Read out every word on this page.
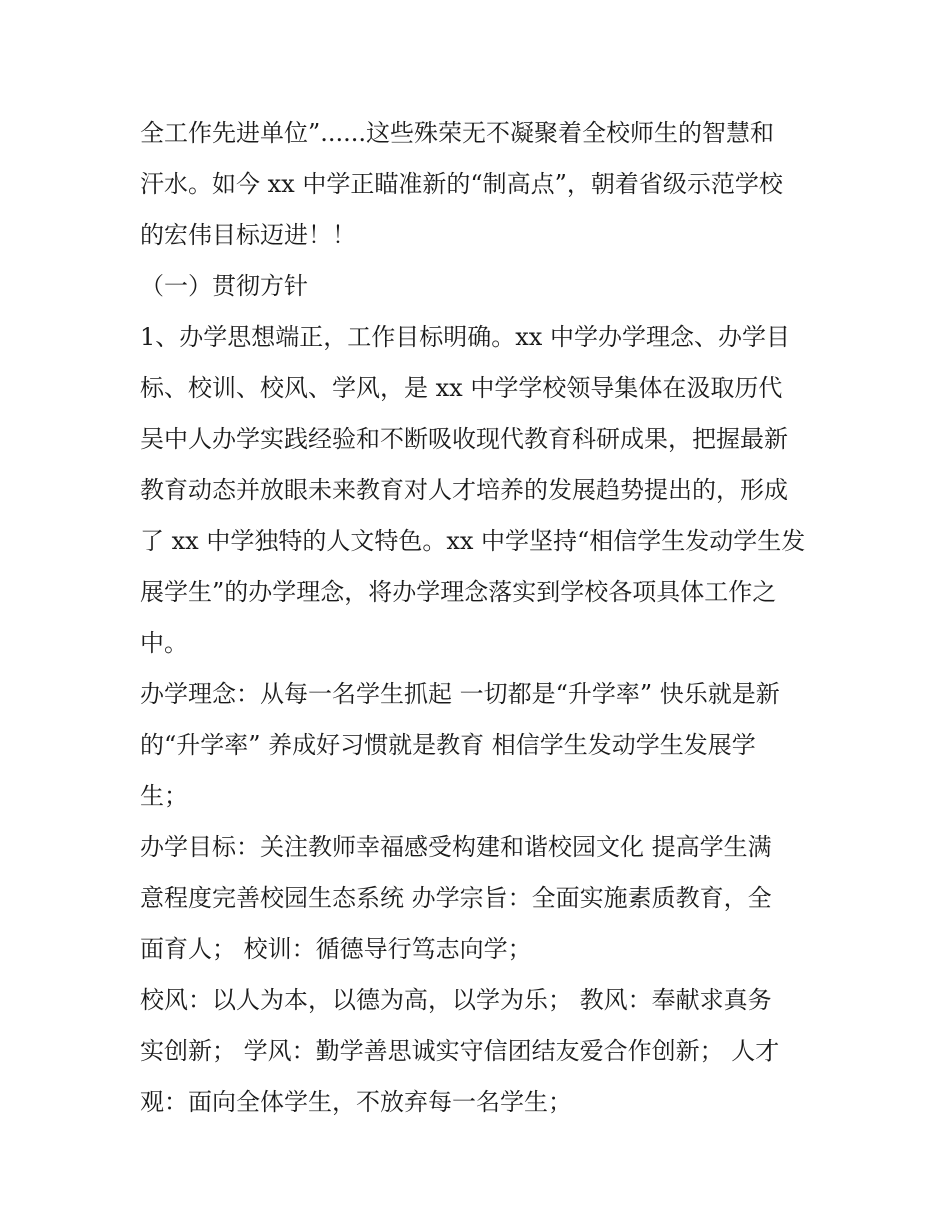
全工作先进单位”......这些殊荣无不凝聚着全校师生的智慧和
汗水。如今 xx 中学正瞄准新的“制高点”，朝着省级示范学校
的宏伟目标迈进！！
（一）贯彻方针
1、办学思想端正，工作目标明确。xx 中学办学理念、办学目
标、校训、校风、学风，是 xx 中学学校领导集体在汲取历代
吴中人办学实践经验和不断吸收现代教育科研成果，把握最新
教育动态并放眼未来教育对人才培养的发展趋势提出的，形成
了 xx 中学独特的人文特色。xx 中学坚持“相信学生发动学生发
展学生”的办学理念，将办学理念落实到学校各项具体工作之
中。
办学理念：从每一名学生抓起 一切都是“升学率” 快乐就是新
的“升学率” 养成好习惯就是教育 相信学生发动学生发展学
生；
办学目标：关注教师幸福感受构建和谐校园文化 提高学生满
意程度完善校园生态系统 办学宗旨：全面实施素质教育，全
面育人； 校训：循德导行笃志向学；
校风：以人为本，以德为高，以学为乐； 教风：奉献求真务
实创新； 学风：勤学善思诚实守信团结友爱合作创新； 人才
观：面向全体学生，不放弃每一名学生；
